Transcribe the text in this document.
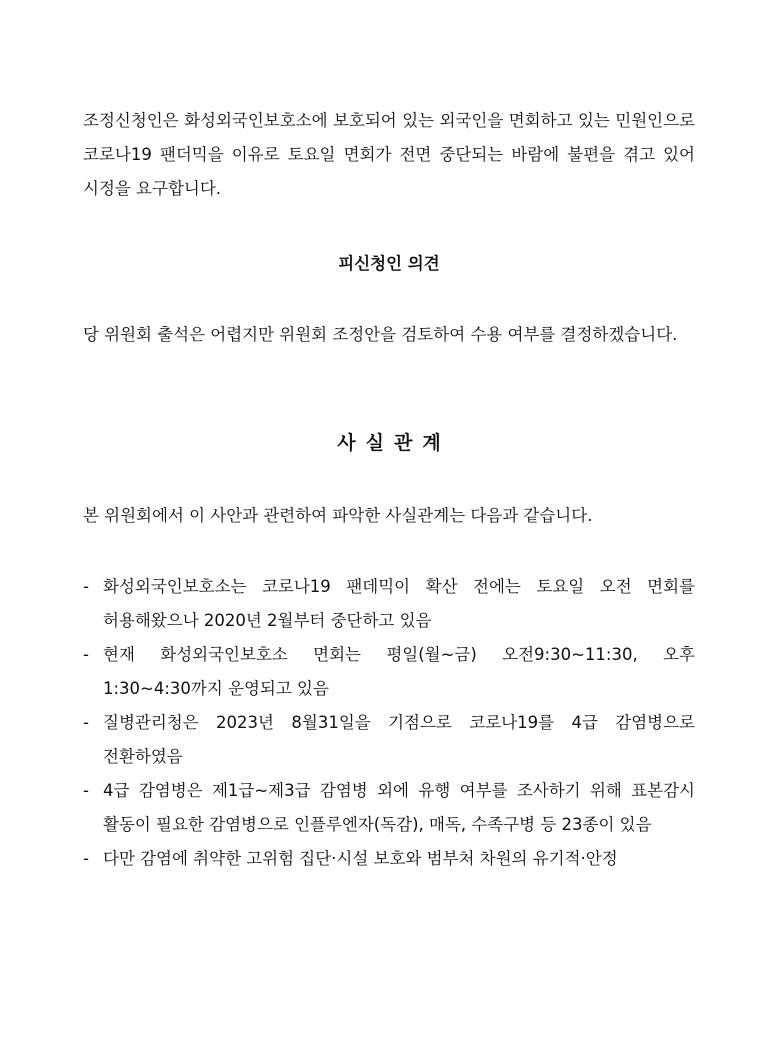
조정신청인은 화성외국인보호소에 보호되어 있는 외국인을 면회하고 있는 민원인으로 코로나19 팬더믹을 이유로 토요일 면회가 전면 중단되는 바람에 불편을 겪고 있어 시정을 요구합니다.

피신청인 의견

당 위원회 출석은 어렵지만 위원회 조정안을 검토하여 수용 여부를 결정하겠습니다.

사실관계

본 위원회에서 이 사안과 관련하여 파악한 사실관계는 다음과 같습니다.

- 화성외국인보호소는 코로나19 팬데믹이 확산 전에는 토요일 오전 면회를 허용해왔으나 2020년 2월부터 중단하고 있음
- 현재 화성외국인보호소 면회는 평일(월~금) 오전9:30~11:30, 오후 1:30~4:30까지 운영되고 있음
- 질병관리청은 2023년 8월31일을 기점으로 코로나19를 4급 감염병으로 전환하였음
- 4급 감염병은 제1급~제3급 감염병 외에 유행 여부를 조사하기 위해 표본감시 활동이 필요한 감염병으로 인플루엔자(독감), 매독, 수족구병 등 23종이 있음
- 다만 감염에 취약한 고위험 집단·시설 보호와 범부처 차원의 유기적·안정
